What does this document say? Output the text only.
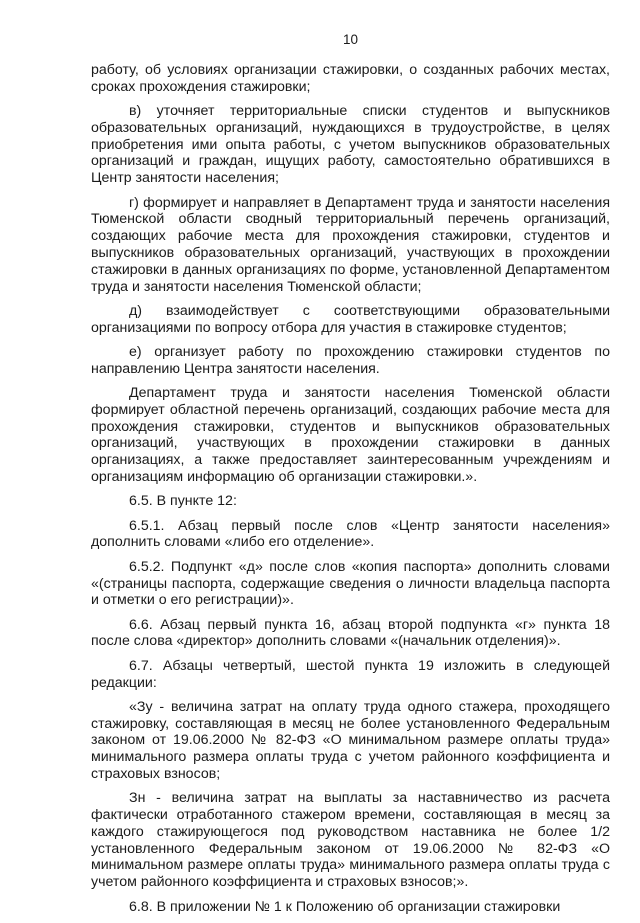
10

работу, об условиях организации стажировки, о созданных рабочих местах, сроках прохождения стажировки;

в) уточняет территориальные списки студентов и выпускников образовательных организаций, нуждающихся в трудоустройстве, в целях приобретения ими опыта работы, с учетом выпускников образовательных организаций и граждан, ищущих работу, самостоятельно обратившихся в Центр занятости населения;

г) формирует и направляет в Департамент труда и занятости населения Тюменской области сводный территориальный перечень организаций, создающих рабочие места для прохождения стажировки, студентов и выпускников образовательных организаций, участвующих в прохождении стажировки в данных организациях по форме, установленной Департаментом труда и занятости населения Тюменской области;

д) взаимодействует с соответствующими образовательными организациями по вопросу отбора для участия в стажировке студентов;

е) организует работу по прохождению стажировки студентов по направлению Центра занятости населения.

Департамент труда и занятости населения Тюменской области формирует областной перечень организаций, создающих рабочие места для прохождения стажировки, студентов и выпускников образовательных организаций, участвующих в прохождении стажировки в данных организациях, а также предоставляет заинтересованным учреждениям и организациям информацию об организации стажировки.».

6.5. В пункте 12:

6.5.1. Абзац первый после слов «Центр занятости населения» дополнить словами «либо его отделение».

6.5.2. Подпункт «д» после слов «копия паспорта» дополнить словами «(страницы паспорта, содержащие сведения о личности владельца паспорта и отметки о его регистрации)».

6.6. Абзац первый пункта 16, абзац второй подпункта «г» пункта 18 после слова «директор» дополнить словами «(начальник отделения)».

6.7. Абзацы четвертый, шестой пункта 19 изложить в следующей редакции:

«Зу - величина затрат на оплату труда одного стажера, проходящего стажировку, составляющая в месяц не более установленного Федеральным законом от 19.06.2000 № 82-ФЗ «О минимальном размере оплаты труда» минимального размера оплаты труда с учетом районного коэффициента и страховых взносов;

Зн - величина затрат на выплаты за наставничество из расчета фактически отработанного стажером времени, составляющая в месяц за каждого стажирующегося под руководством наставника не более 1/2 установленного Федеральным законом от 19.06.2000 № 82-ФЗ «О минимальном размере оплаты труда» минимального размера оплаты труда с учетом районного коэффициента и страховых взносов;».

6.8. В приложении № 1 к Положению об организации стажировки
